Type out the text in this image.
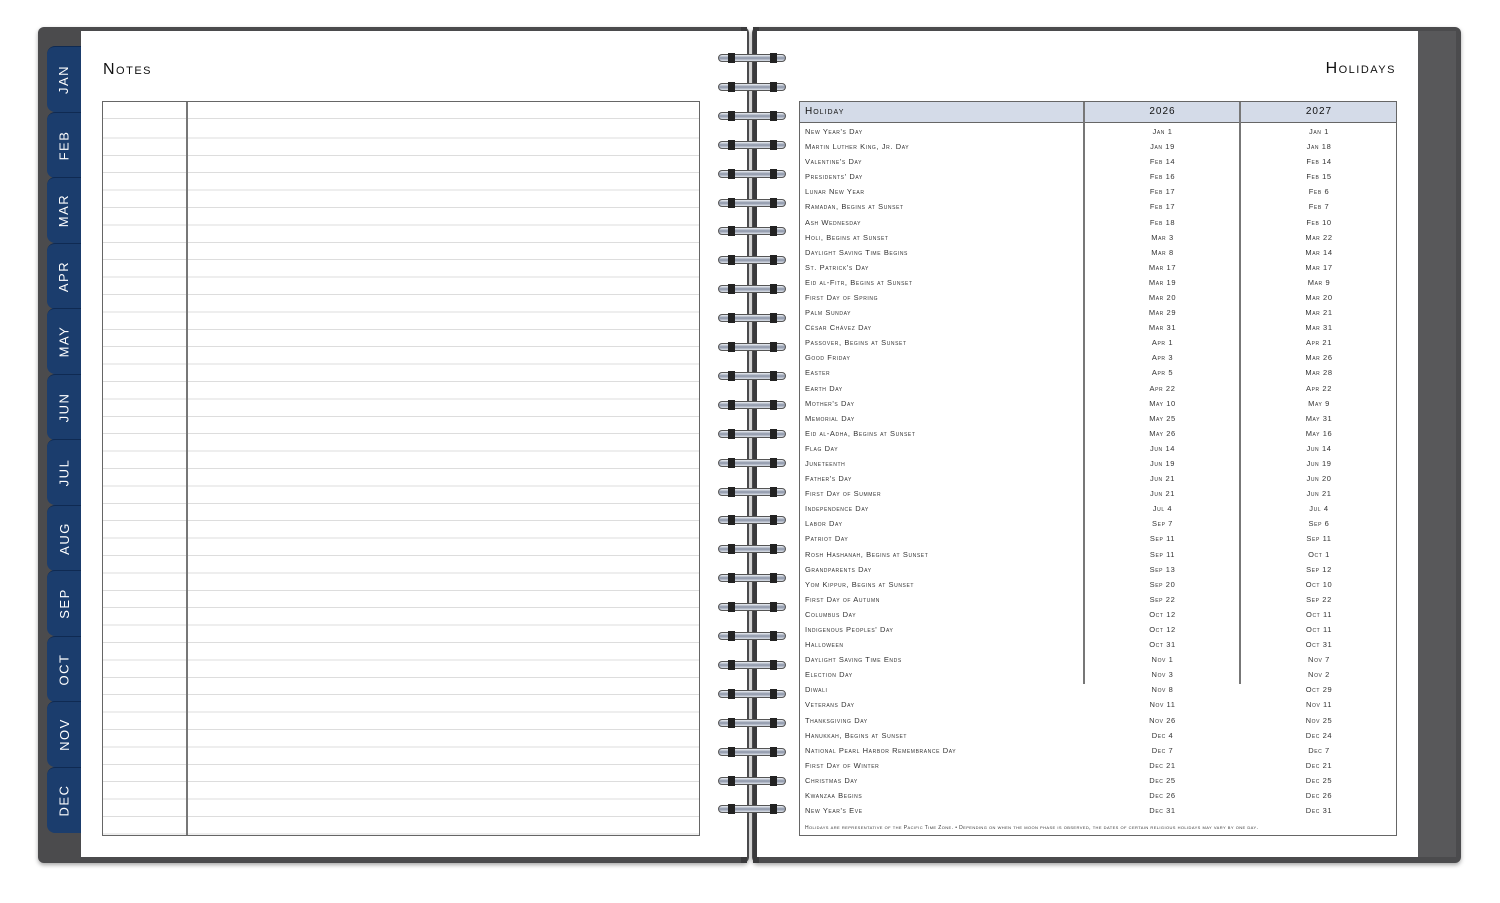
JAN
FEB
MAR
APR
MAY
JUN
JUL
AUG
SEP
OCT
NOV
DEC
Notes	Holidays
Holiday	2026	2027
New Year's Day	Jan 1	Jan 1
Martin Luther King, Jr. Day	Jan 19	Jan 18
Valentine's Day	Feb 14	Feb 14
Presidents' Day	Feb 16	Feb 15
Lunar New Year	Feb 17	Feb 6
Ramadan, Begins at Sunset	Feb 17	Feb 7
Ash Wednesday	Feb 18	Feb 10
Holi, Begins at Sunset	Mar 3	Mar 22
Daylight Saving Time Begins	Mar 8	Mar 14
St. Patrick's Day	Mar 17	Mar 17
Eid al-Fitr, Begins at Sunset	Mar 19	Mar 9
First Day of Spring	Mar 20	Mar 20
Palm Sunday	Mar 29	Mar 21
César Chávez Day	Mar 31	Mar 31
Passover, Begins at Sunset	Apr 1	Apr 21
Good Friday	Apr 3	Mar 26
Easter	Apr 5	Mar 28
Earth Day	Apr 22	Apr 22
Mother's Day	May 10	May 9
Memorial Day	May 25	May 31
Eid al-Adha, Begins at Sunset	May 26	May 16
Flag Day	Jun 14	Jun 14
Juneteenth	Jun 19	Jun 19
Father's Day	Jun 21	Jun 20
First Day of Summer	Jun 21	Jun 21
Independence Day	Jul 4	Jul 4
Labor Day	Sep 7	Sep 6
Patriot Day	Sep 11	Sep 11
Rosh Hashanah, Begins at Sunset	Sep 11	Oct 1
Grandparents Day	Sep 13	Sep 12
Yom Kippur, Begins at Sunset	Sep 20	Oct 10
First Day of Autumn	Sep 22	Sep 22
Columbus Day	Oct 12	Oct 11
Indigenous Peoples' Day	Oct 12	Oct 11
Halloween	Oct 31	Oct 31
Daylight Saving Time Ends	Nov 1	Nov 7
Election Day	Nov 3	Nov 2
Diwali	Nov 8	Oct 29
Veterans Day	Nov 11	Nov 11
Thanksgiving Day	Nov 26	Nov 25
Hanukkah, Begins at Sunset	Dec 4	Dec 24
National Pearl Harbor Remembrance Day	Dec 7	Dec 7
First Day of Winter	Dec 21	Dec 21
Christmas Day	Dec 25	Dec 25
Kwanzaa Begins	Dec 26	Dec 26
New Year's Eve	Dec 31	Dec 31
Holidays are representative of the Pacific Time Zone. • Depending on when the moon phase is observed, the dates of certain religious holidays may vary by one day.
